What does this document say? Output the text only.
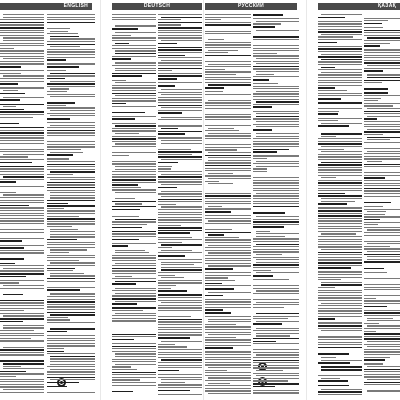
ENGLISH	DEUTSCH	РУССКИЙ	ҚАЗАҚ
